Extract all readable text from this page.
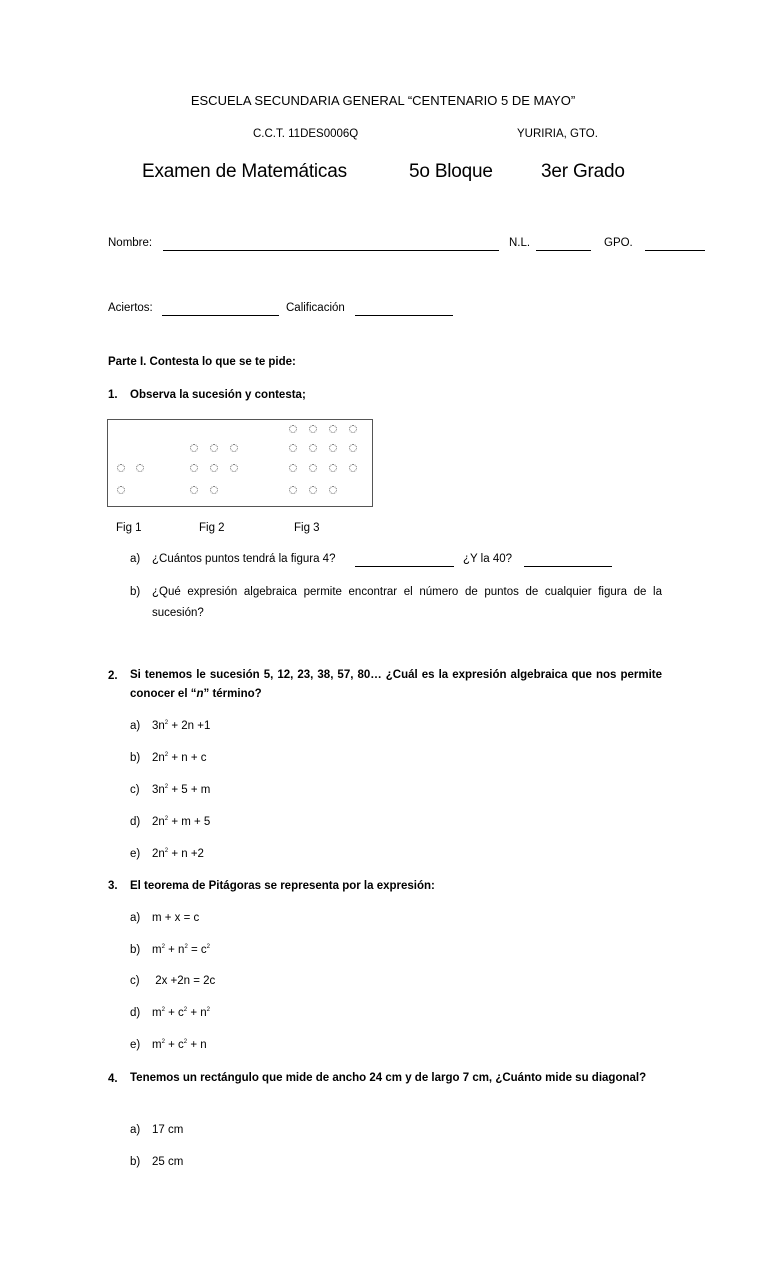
ESCUELA SECUNDARIA GENERAL “CENTENARIO 5 DE MAYO”
C.C.T. 11DES0006Q	YURIRIA, GTO.
Examen de Matemáticas	5o Bloque	3er Grado
Nombre:	N.L.	GPO.
Aciertos:	Calificación
Parte I. Contesta lo que se te pide:
1. Observa la sucesión y contesta;
Fig 1	Fig 2	Fig 3
a) ¿Cuántos puntos tendrá la figura 4?	¿Y la 40?
b) ¿Qué expresión algebraica permite encontrar el número de puntos de cualquier figura de la sucesión?
2. Si tenemos le sucesión 5, 12, 23, 38, 57, 80… ¿Cuál es la expresión algebraica que nos permite conocer el “n” término?
a) $3n^2 + 2n +1$
b) $2n^2 + n + c$
c) $3n^2 + 5 + m$
d) $2n^2 + m + 5$
e) $2n^2 + n +2$
3. El teorema de Pitágoras se representa por la expresión:
a) m + x = c
b) $m^2 + n^2 = c^2$
c) 2x +2n = 2c
d) $m^2 + c^2 + n^2$
e) $m^2 + c^2 + n$
4. Tenemos un rectángulo que mide de ancho 24 cm y de largo 7 cm, ¿Cuánto mide su diagonal?
a) 17 cm
b) 25 cm
